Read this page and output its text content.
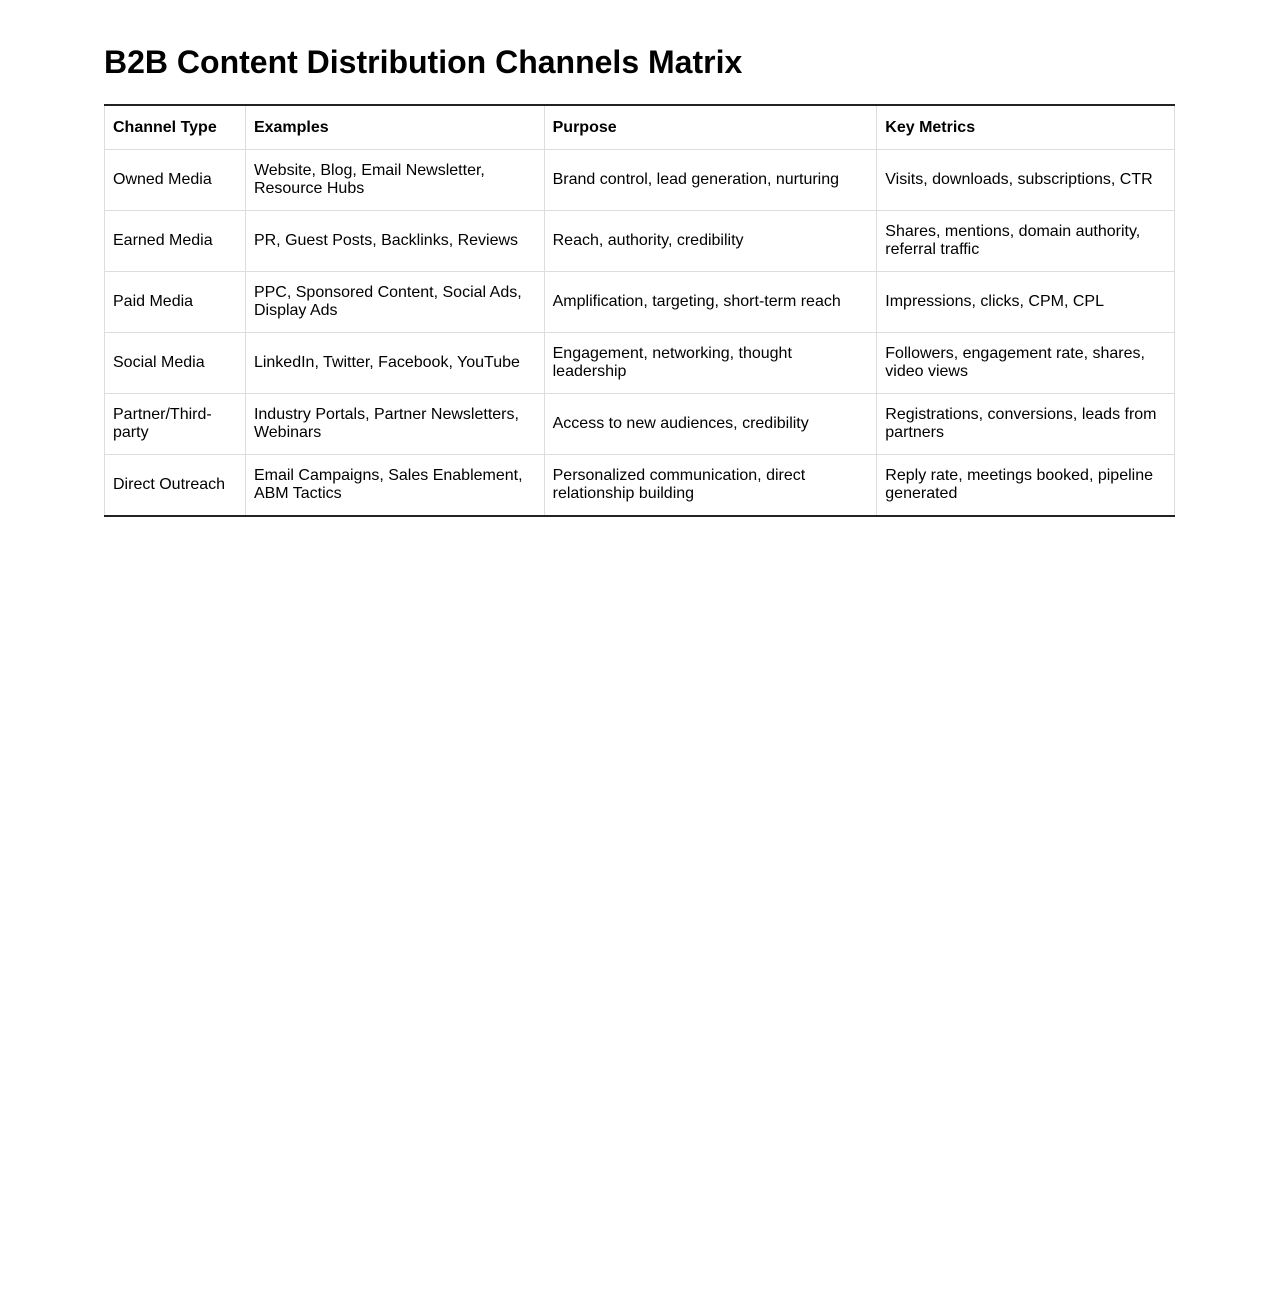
B2B Content Distribution Channels Matrix
Channel Type	Examples	Purpose	Key Metrics
Owned Media	Website, Blog, Email Newsletter, Resource Hubs	Brand control, lead generation, nurturing	Visits, downloads, subscriptions, CTR
Earned Media	PR, Guest Posts, Backlinks, Reviews	Reach, authority, credibility	Shares, mentions, domain authority, referral traffic
Paid Media	PPC, Sponsored Content, Social Ads, Display Ads	Amplification, targeting, short-term reach	Impressions, clicks, CPM, CPL
Social Media	LinkedIn, Twitter, Facebook, YouTube	Engagement, networking, thought leadership	Followers, engagement rate, shares, video views
Partner/Third-party	Industry Portals, Partner Newsletters, Webinars	Access to new audiences, credibility	Registrations, conversions, leads from partners
Direct Outreach	Email Campaigns, Sales Enablement, ABM Tactics	Personalized communication, direct relationship building	Reply rate, meetings booked, pipeline generated
